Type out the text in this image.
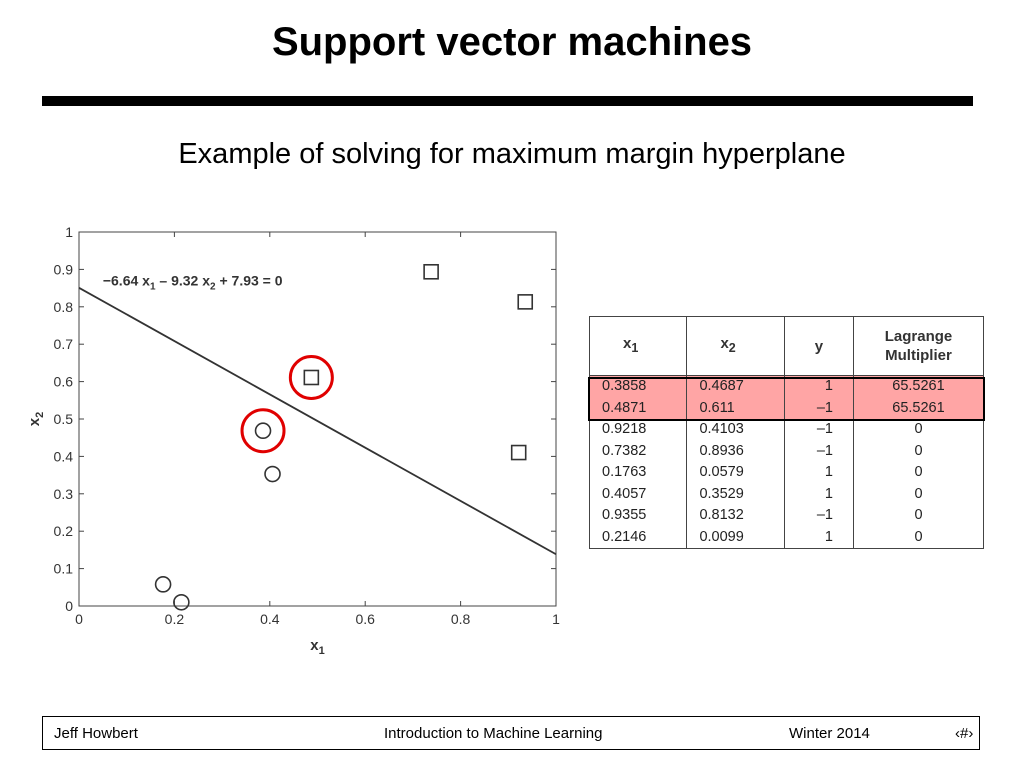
Support vector machines
Example of solving for maximum margin hyperplane
0	0.2	0.4	0.6	0.8	1
0
0.1
0.2
0.3
0.4
0.5
0.6
0.7
0.8
0.9
1
$x_1$
$x_2$
−6.64 $x_1 - 9.32$ $x_2 + 7.93 = 0$
$x_1$	$x_2$	y	Lagrange
Multiplier
0.3858	0.4687	1	65.5261
0.4871	0.611	–1	65.5261
0.9218	0.4103	–1	0
0.7382	0.8936	–1	0
0.1763	0.0579	1	0
0.4057	0.3529	1	0
0.9355	0.8132	–1	0
0.2146	0.0099	1	0
Jeff Howbert	Introduction to Machine Learning	Winter 2014	‹#›
